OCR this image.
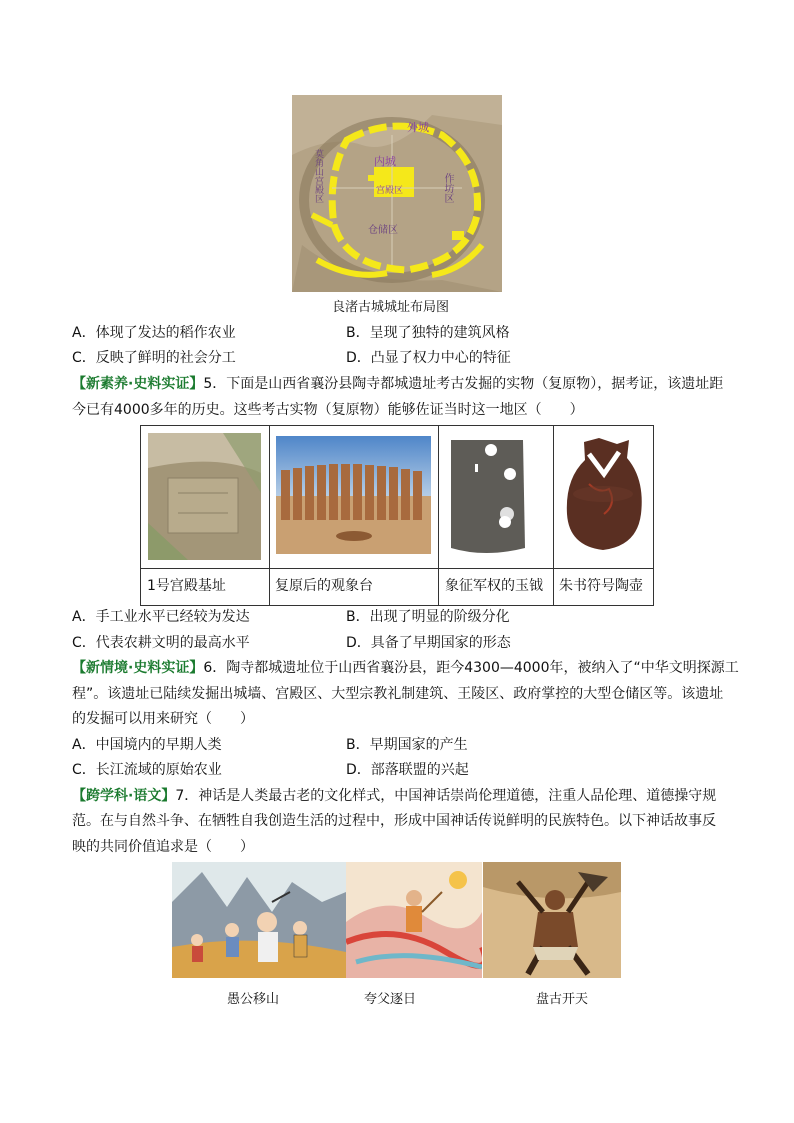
外城
内城
宫殿区	作坊区
仓储区
莫角山宫殿区
良渚古城城址布局图
A．体现了发达的稻作农业	B．呈现了独特的建筑风格
C．反映了鲜明的社会分工	D．凸显了权力中心的特征
【新素养·史料实证】5．下面是山西省襄汾县陶寺都城遗址考古发掘的实物（复原物），据考证，该遗址距
今已有4000多年的历史。这些考古实物（复原物）能够佐证当时这一地区（　　）
1号宫殿基址	复原后的观象台	象征军权的玉钺 朱书符号陶壶
A．手工业水平已经较为发达	B．出现了明显的阶级分化
C．代表农耕文明的最高水平	D．具备了早期国家的形态
【新情境·史料实证】6．陶寺都城遗址位于山西省襄汾县，距今4300—4000年，被纳入了“中华文明探源工
程”。该遗址已陆续发掘出城墙、宫殿区、大型宗教礼制建筑、王陵区、政府掌控的大型仓储区等。该遗址
的发掘可以用来研究（　　）
A．中国境内的早期人类	B．早期国家的产生
C．长江流域的原始农业	D．部落联盟的兴起
【跨学科·语文】7．神话是人类最古老的文化样式，中国神话崇尚伦理道德，注重人品伦理、道德操守规
范。在与自然斗争、在牺牲自我创造生活的过程中，形成中国神话传说鲜明的民族特色。以下神话故事反
映的共同价值追求是（　　）
愚公移山	夸父逐日	盘古开天
